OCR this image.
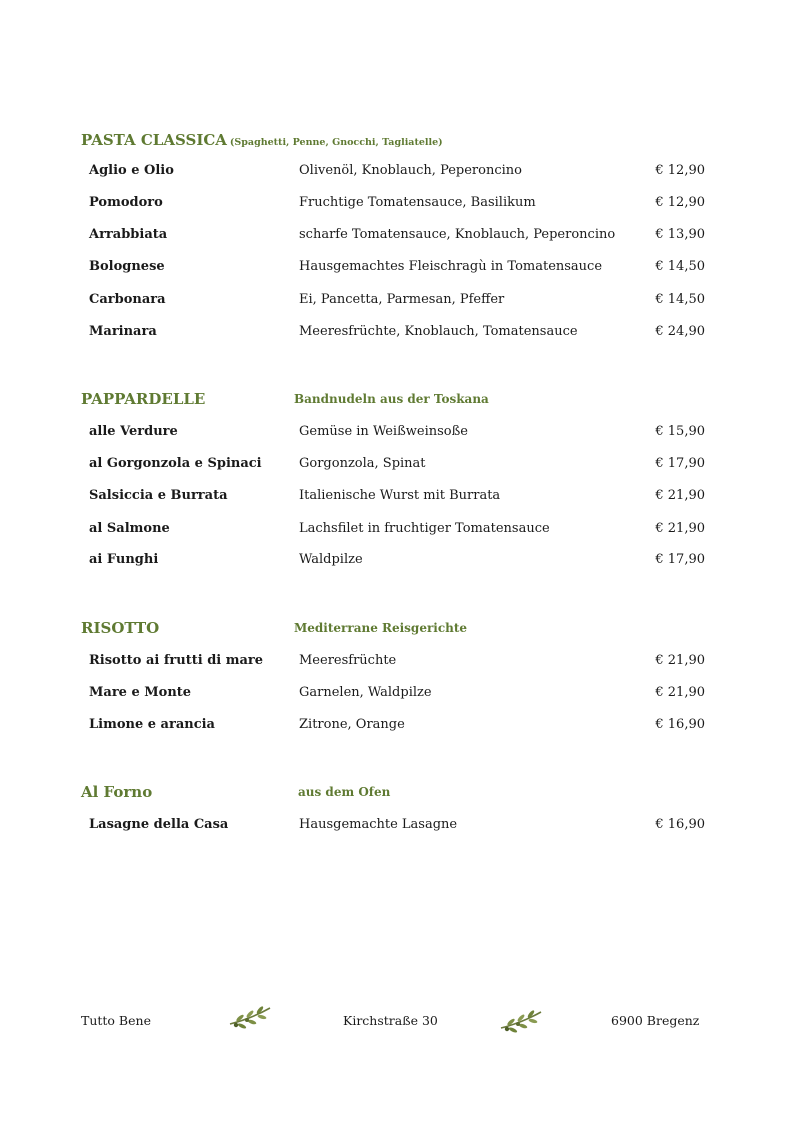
PASTA CLASSICA (Spaghetti, Penne, Gnocchi, Tagliatelle)
Aglio e Olio	Olivenöl, Knoblauch, Peperoncino	€ 12,90
Pomodoro	Fruchtige Tomatensauce, Basilikum	€ 12,90
Arrabbiata	scharfe Tomatensauce, Knoblauch, Peperoncino	€ 13,90
Bolognese	Hausgemachtes Fleischragù in Tomatensauce	€ 14,50
Carbonara	Ei, Pancetta, Parmesan, Pfeffer	€ 14,50
Marinara	Meeresfrüchte, Knoblauch, Tomatensauce	€ 24,90
PAPPARDELLE	Bandnudeln aus der Toskana
alle Verdure	Gemüse in Weißweinsoße	€ 15,90
al Gorgonzola e Spinaci	Gorgonzola, Spinat	€ 17,90
Salsiccia e Burrata	Italienische Wurst mit Burrata	€ 21,90
al Salmone	Lachsfilet in fruchtiger Tomatensauce	€ 21,90
ai Funghi	Waldpilze	€ 17,90
RISOTTO	Mediterrane Reisgerichte
Risotto ai frutti di mare	Meeresfrüchte	€ 21,90
Mare e Monte	Garnelen, Waldpilze	€ 21,90
Limone e arancia	Zitrone, Orange	€ 16,90
Al Forno	aus dem Ofen
Lasagne della Casa	Hausgemachte Lasagne	€ 16,90
Tutto Bene	Kirchstraße 30	6900 Bregenz
